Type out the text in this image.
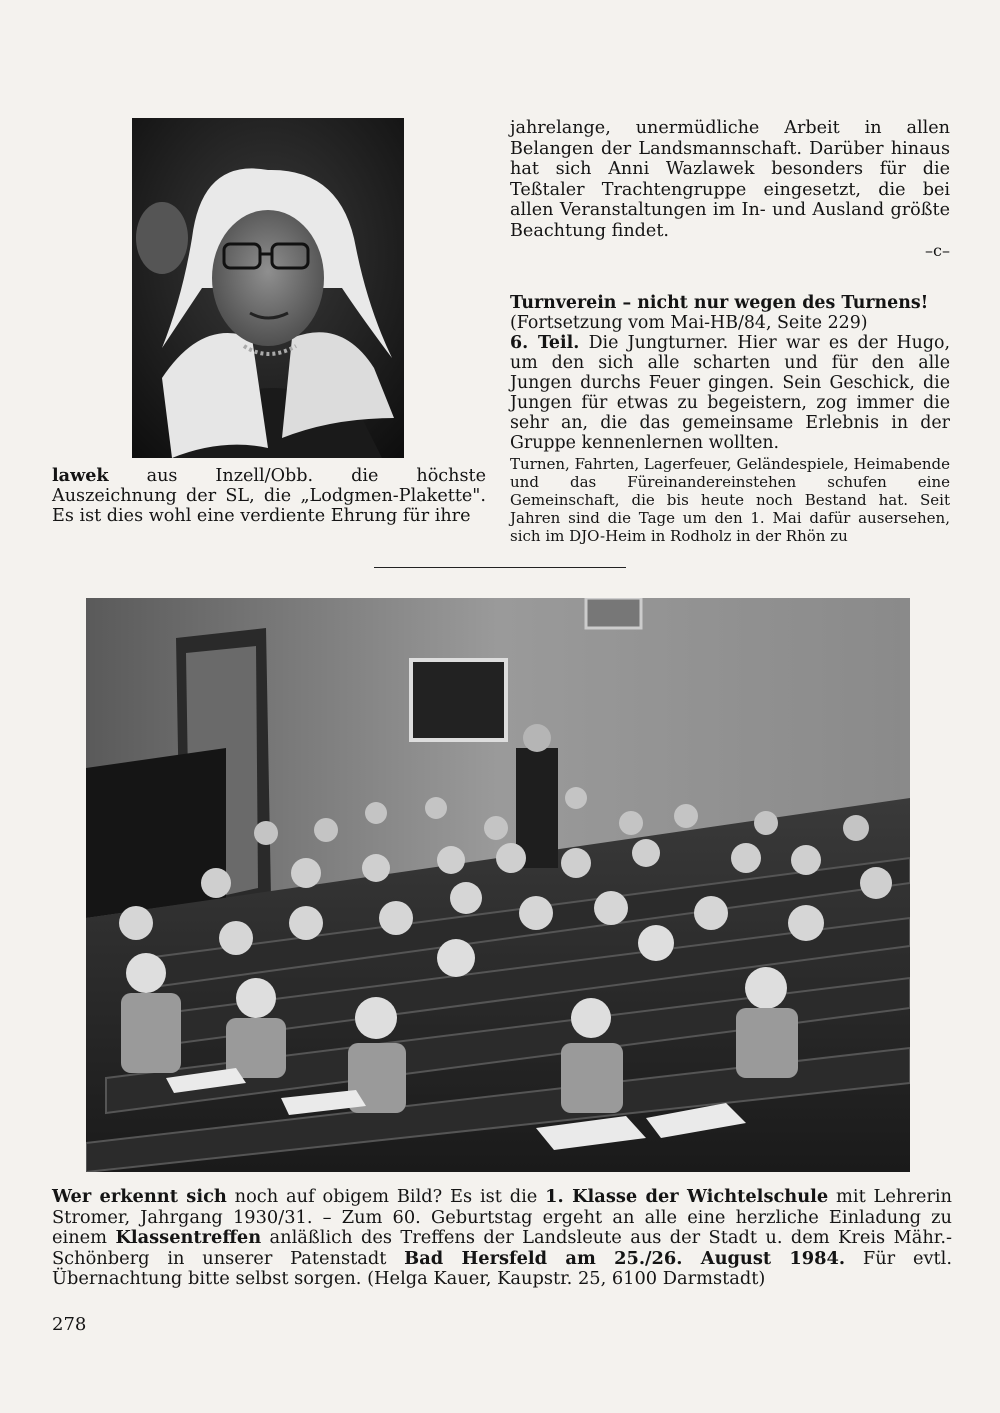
lawek aus Inzell/Obb. die höchste Auszeichnung der SL, die „Lodgmen-Plakette". Es ist dies wohl eine verdiente Ehrung für ihre

jahrelange, unermüdliche Arbeit in allen Belangen der Landsmannschaft. Darüber hinaus hat sich Anni Wazlawek besonders für die Teßtaler Trachtengruppe eingesetzt, die bei allen Veranstaltungen im In- und Ausland größte Beachtung findet.

–c–

Turnverein – nicht nur wegen des Turnens!

(Fortsetzung vom Mai-HB/84, Seite 229)

6. Teil. Die Jungturner. Hier war es der Hugo, um den sich alle scharten und für den alle Jungen durchs Feuer gingen. Sein Geschick, die Jungen für etwas zu begeistern, zog immer die sehr an, die das gemeinsame Erlebnis in der Gruppe kennenlernen wollten.

Turnen, Fahrten, Lagerfeuer, Geländespiele, Heimabende und das Füreinandereinstehen schufen eine Gemeinschaft, die bis heute noch Bestand hat. Seit Jahren sind die Tage um den 1. Mai dafür ausersehen, sich im DJO-Heim in Rodholz in der Rhön zu

Wer erkennt sich noch auf obigem Bild? Es ist die 1. Klasse der Wichtelschule mit Lehrerin Stromer, Jahrgang 1930/31. – Zum 60. Geburtstag ergeht an alle eine herzliche Einladung zu einem Klassentreffen anläßlich des Treffens der Landsleute aus der Stadt u. dem Kreis Mähr.-Schönberg in unserer Patenstadt Bad Hersfeld am 25./26. August 1984. Für evtl. Übernachtung bitte selbst sorgen. (Helga Kauer, Kaupstr. 25, 6100 Darmstadt)
278
